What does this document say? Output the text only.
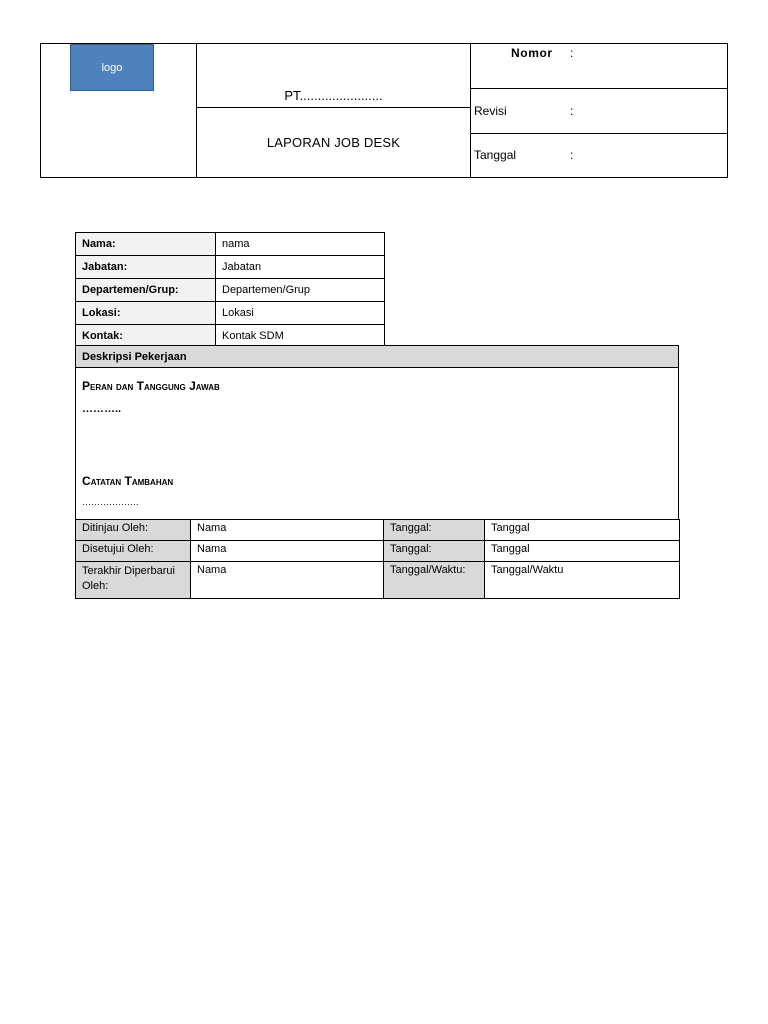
logo
PT.......................
LAPORAN JOB DESK
Nomor :
Revisi	:
Tanggal	:
Nama:	nama
Jabatan:	Jabatan
Departemen/Grup:	Departemen/Grup
Lokasi:	Lokasi
Kontak:	Kontak SDM
Deskripsi Pekerjaan
Peran dan Tanggung Jawab
………..
Catatan Tambahan
……………….
Ditinjau Oleh:	Nama	Tanggal:	Tanggal
Disetujui Oleh:	Nama	Tanggal:	Tanggal
Terakhir Diperbarui Oleh:	Nama	Tanggal/Waktu:	Tanggal/Waktu
